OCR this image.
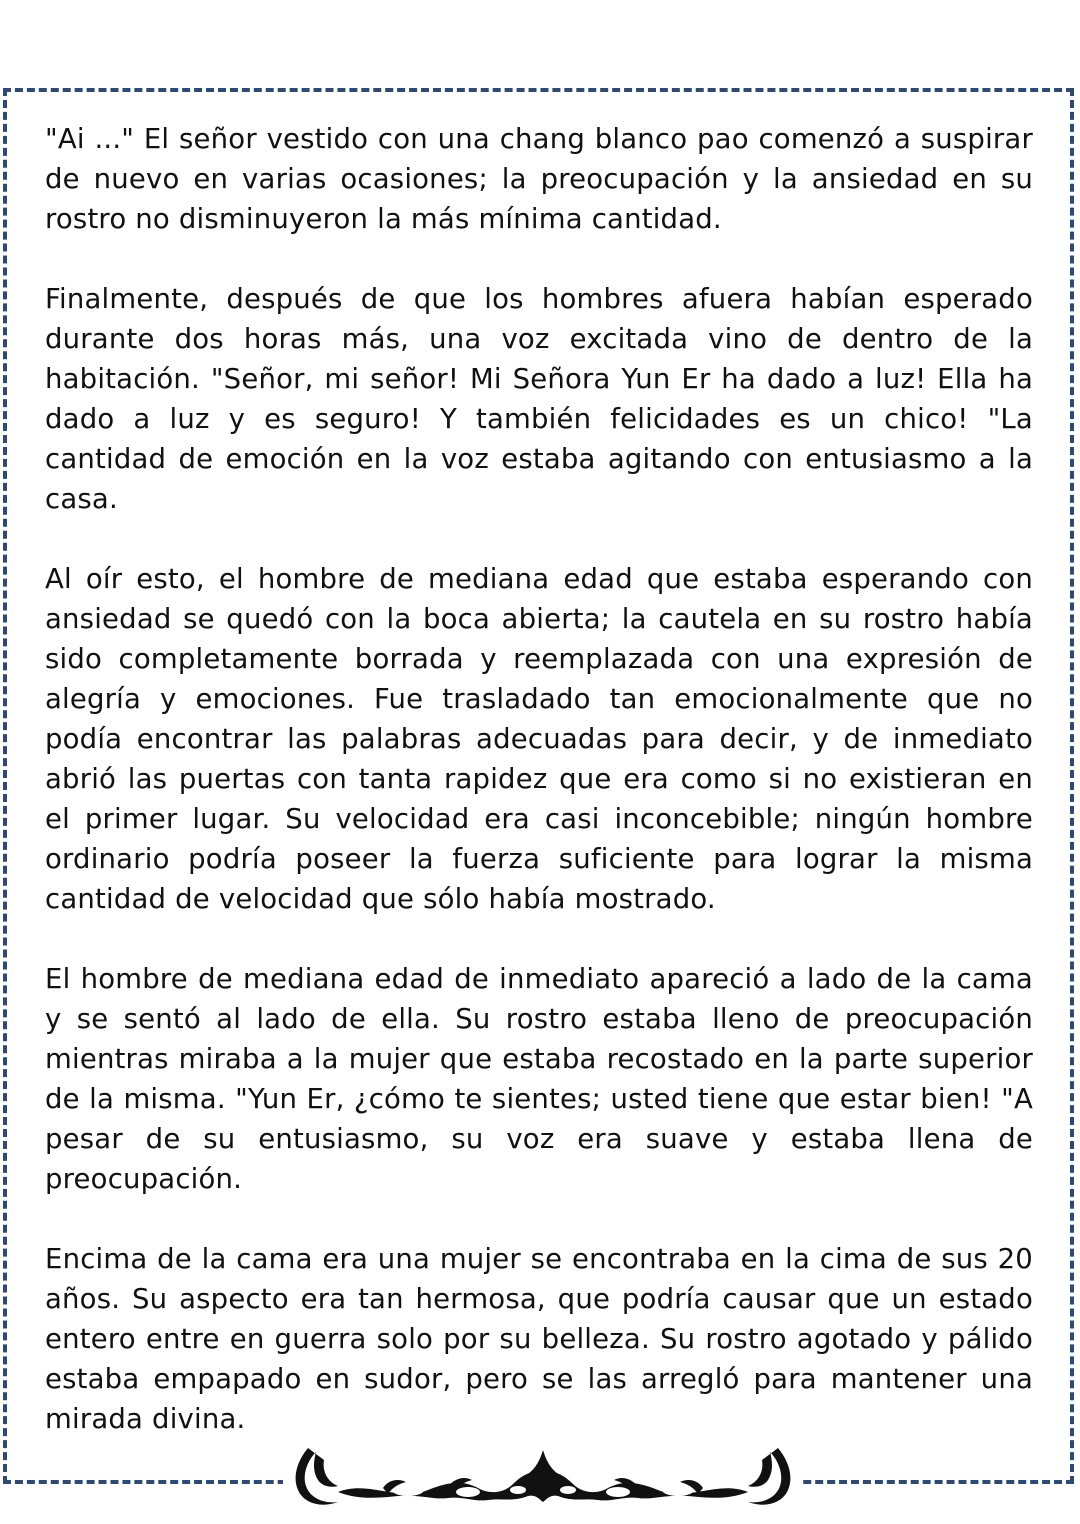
"Ai ..." El señor vestido con una chang blanco pao comenzó a suspirar de nuevo en varias ocasiones; la preocupación y la ansiedad en su rostro no disminuyeron la más mínima cantidad.

Finalmente, después de que los hombres afuera habían esperado durante dos horas más, una voz excitada vino de dentro de la habitación. "Señor, mi señor! Mi Señora Yun Er ha dado a luz! Ella ha dado a luz y es seguro! Y también felicidades es un chico! "La cantidad de emoción en la voz estaba agitando con entusiasmo a la casa.

Al oír esto, el hombre de mediana edad que estaba esperando con ansiedad se quedó con la boca abierta; la cautela en su rostro había sido completamente borrada y reemplazada con una expresión de alegría y emociones. Fue trasladado tan emocionalmente que no podía encontrar las palabras adecuadas para decir, y de inmediato abrió las puertas con tanta rapidez que era como si no existieran en el primer lugar. Su velocidad era casi inconcebible; ningún hombre ordinario podría poseer la fuerza suficiente para lograr la misma cantidad de velocidad que sólo había mostrado.

El hombre de mediana edad de inmediato apareció a lado de la cama y se sentó al lado de ella. Su rostro estaba lleno de preocupación mientras miraba a la mujer que estaba recostado en la parte superior de la misma. "Yun Er, ¿cómo te sientes; usted tiene que estar bien! "A pesar de su entusiasmo, su voz era suave y estaba llena de preocupación.

Encima de la cama era una mujer se encontraba en la cima de sus 20 años. Su aspecto era tan hermosa, que podría causar que un estado entero entre en guerra solo por su belleza. Su rostro agotado y pálido estaba empapado en sudor, pero se las arregló para mantener una mirada divina.
